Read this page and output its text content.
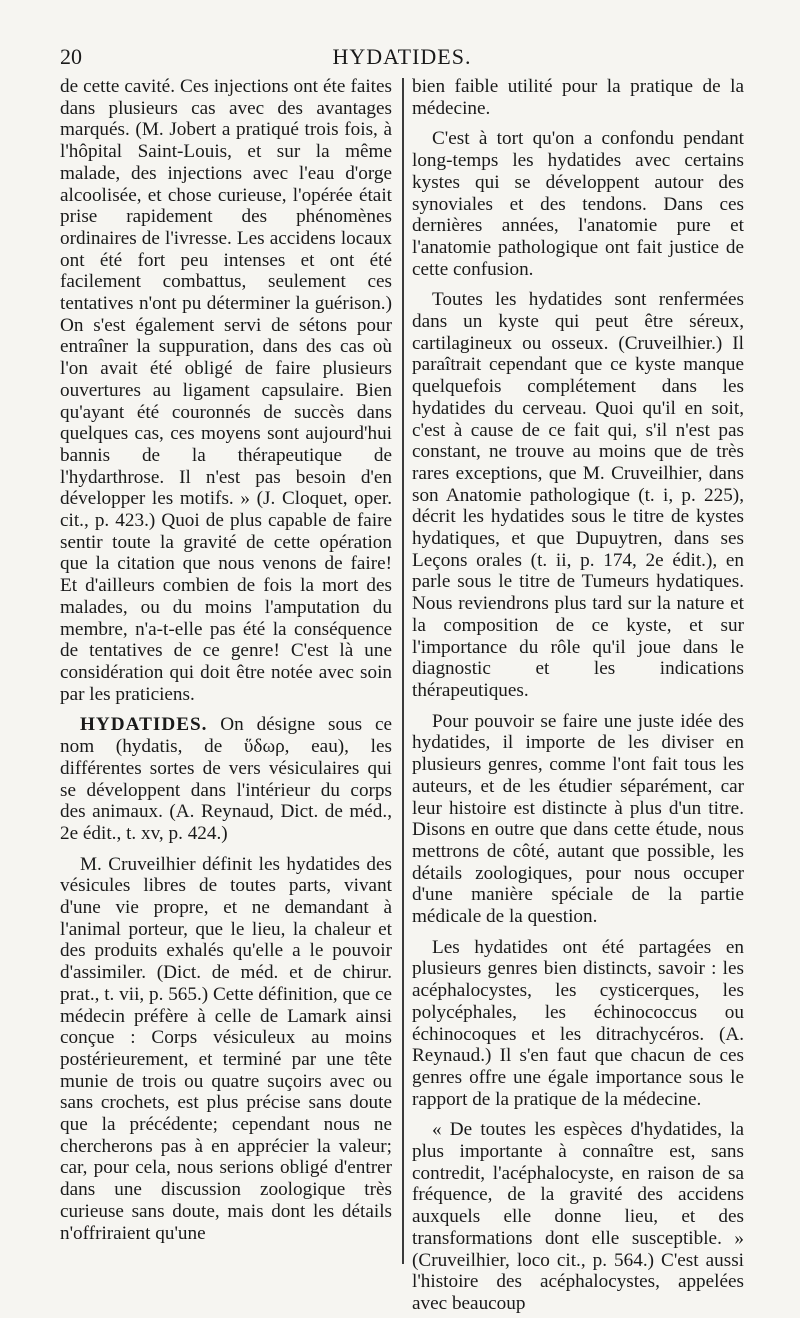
20	HYDATIDES.

de cette cavité. Ces injections ont éte faites dans plusieurs cas avec des avantages marqués. (M. Jobert a pratiqué trois fois, à l'hôpital Saint-Louis, et sur la même malade, des injections avec l'eau d'orge alcoolisée, et chose curieuse, l'opérée était prise rapidement des phénomènes ordinaires de l'ivresse. Les accidens locaux ont été fort peu intenses et ont été facilement combattus, seulement ces tentatives n'ont pu déterminer la guérison.) On s'est également servi de sétons pour entraîner la suppuration, dans des cas où l'on avait été obligé de faire plusieurs ouvertures au ligament capsulaire. Bien qu'ayant été couronnés de succès dans quelques cas, ces moyens sont aujourd'hui bannis de la thérapeutique de l'hydarthrose. Il n'est pas besoin d'en développer les motifs. » (J. Cloquet, oper. cit., p. 423.) Quoi de plus capable de faire sentir toute la gravité de cette opération que la citation que nous venons de faire! Et d'ailleurs combien de fois la mort des malades, ou du moins l'amputation du membre, n'a-t-elle pas été la conséquence de tentatives de ce genre! C'est là une considération qui doit être notée avec soin par les praticiens.

HYDATIDES. On désigne sous ce nom (hydatis, de ὕδωρ, eau), les différentes sortes de vers vésiculaires qui se développent dans l'intérieur du corps des animaux. (A. Reynaud, Dict. de méd., 2e édit., t. xv, p. 424.)

M. Cruveilhier définit les hydatides des vésicules libres de toutes parts, vivant d'une vie propre, et ne demandant à l'animal porteur, que le lieu, la chaleur et des produits exhalés qu'elle a le pouvoir d'assimiler. (Dict. de méd. et de chirur. prat., t. vii, p. 565.) Cette définition, que ce médecin préfère à celle de Lamark ainsi conçue : Corps vésiculeux au moins postérieurement, et terminé par une tête munie de trois ou quatre suçoirs avec ou sans crochets, est plus précise sans doute que la précédente; cependant nous ne chercherons pas à en apprécier la valeur; car, pour cela, nous serions obligé d'entrer dans une discussion zoologique très curieuse sans doute, mais dont les détails n'offriraient qu'une

bien faible utilité pour la pratique de la médecine.

C'est à tort qu'on a confondu pendant long-temps les hydatides avec certains kystes qui se développent autour des synoviales et des tendons. Dans ces dernières années, l'anatomie pure et l'anatomie pathologique ont fait justice de cette confusion.

Toutes les hydatides sont renfermées dans un kyste qui peut être séreux, cartilagineux ou osseux. (Cruveilhier.) Il paraîtrait cependant que ce kyste manque quelquefois complétement dans les hydatides du cerveau. Quoi qu'il en soit, c'est à cause de ce fait qui, s'il n'est pas constant, ne trouve au moins que de très rares exceptions, que M. Cruveilhier, dans son Anatomie pathologique (t. i, p. 225), décrit les hydatides sous le titre de kystes hydatiques, et que Dupuytren, dans ses Leçons orales (t. ii, p. 174, 2e édit.), en parle sous le titre de Tumeurs hydatiques. Nous reviendrons plus tard sur la nature et la composition de ce kyste, et sur l'importance du rôle qu'il joue dans le diagnostic et les indications thérapeutiques.

Pour pouvoir se faire une juste idée des hydatides, il importe de les diviser en plusieurs genres, comme l'ont fait tous les auteurs, et de les étudier séparément, car leur histoire est distincte à plus d'un titre. Disons en outre que dans cette étude, nous mettrons de côté, autant que possible, les détails zoologiques, pour nous occuper d'une manière spéciale de la partie médicale de la question.

Les hydatides ont été partagées en plusieurs genres bien distincts, savoir : les acéphalocystes, les cysticerques, les polycéphales, les échinococcus ou échinocoques et les ditrachycéros. (A. Reynaud.) Il s'en faut que chacun de ces genres offre une égale importance sous le rapport de la pratique de la médecine.

« De toutes les espèces d'hydatides, la plus importante à connaître est, sans contredit, l'acéphalocyste, en raison de sa fréquence, de la gravité des accidens auxquels elle donne lieu, et des transformations dont elle susceptible. » (Cruveilhier, loco cit., p. 564.) C'est aussi l'histoire des acéphalocystes, appelées avec beaucoup
